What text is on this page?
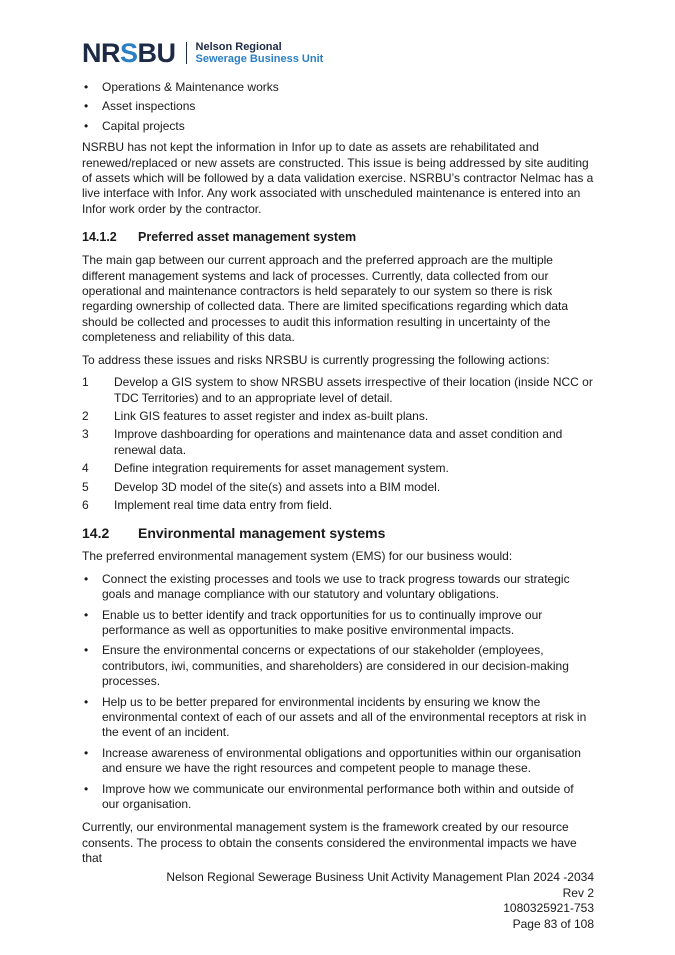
NRSBU Nelson Regional
Sewerage Business Unit
• Operations & Maintenance works
• Asset inspections
• Capital projects

NSRBU has not kept the information in Infor up to date as assets are rehabilitated and renewed/replaced or new assets are constructed. This issue is being addressed by site auditing of assets which will be followed by a data validation exercise. NSRBU’s contractor Nelmac has a live interface with Infor. Any work associated with unscheduled maintenance is entered into an Infor work order by the contractor.

14.1.2	Preferred asset management system

The main gap between our current approach and the preferred approach are the multiple different management systems and lack of processes. Currently, data collected from our operational and maintenance contractors is held separately to our system so there is risk regarding ownership of collected data. There are limited specifications regarding which data should be collected and processes to audit this information resulting in uncertainty of the completeness and reliability of this data.

To address these issues and risks NRSBU is currently progressing the following actions:

1	Develop a GIS system to show NRSBU assets irrespective of their location (inside NCC or TDC Territories) and to an appropriate level of detail.
2	Link GIS features to asset register and index as-built plans.
3	Improve dashboarding for operations and maintenance data and asset condition and renewal data.
4	Define integration requirements for asset management system.
5	Develop 3D model of the site(s) and assets into a BIM model.
6	Implement real time data entry from field.
14.2	Environmental management systems

The preferred environmental management system (EMS) for our business would:

• Connect the existing processes and tools we use to track progress towards our strategic goals and manage compliance with our statutory and voluntary obligations.
• Enable us to better identify and track opportunities for us to continually improve our performance as well as opportunities to make positive environmental impacts.
• Ensure the environmental concerns or expectations of our stakeholder (employees, contributors, iwi, communities, and shareholders) are considered in our decision-making processes.
• Help us to be better prepared for environmental incidents by ensuring we know the environmental context of each of our assets and all of the environmental receptors at risk in the event of an incident.
• Increase awareness of environmental obligations and opportunities within our organisation and ensure we have the right resources and competent people to manage these.
• Improve how we communicate our environmental performance both within and outside of our organisation.

Currently, our environmental management system is the framework created by our resource consents. The process to obtain the consents considered the environmental impacts we have that

Nelson Regional Sewerage Business Unit Activity Management Plan 2024 -2034
Rev 2
1080325921-753
Page 83 of 108
